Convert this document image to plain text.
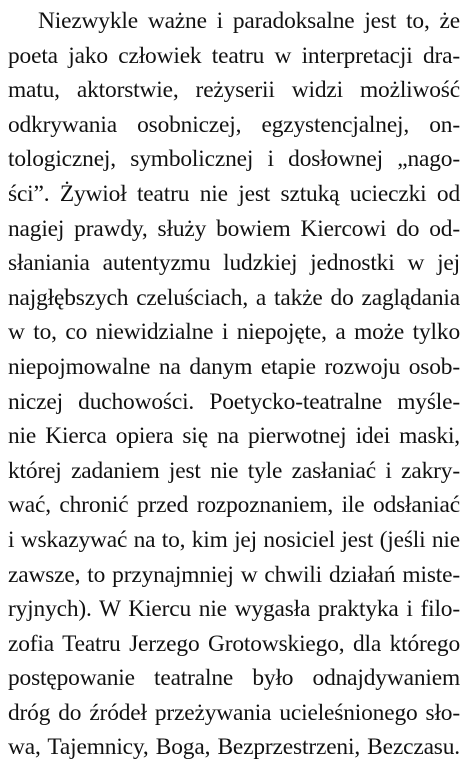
Niezwykle ważne i paradoksalne jest to, że
poeta jako człowiek teatru w interpretacji dra-
matu, aktorstwie, reżyserii widzi możliwość
odkrywania osobniczej, egzystencjalnej, on-
tologicznej, symbolicznej i dosłownej „nago-
ści”. Żywioł teatru nie jest sztuką ucieczki od
nagiej prawdy, służy bowiem Kiercowi do od-
słaniania autentyzmu ludzkiej jednostki w jej
najgłębszych czeluściach, a także do zaglądania
w to, co niewidzialne i niepojęte, a może tylko
niepojmowalne na danym etapie rozwoju osob-
niczej duchowości. Poetycko-teatralne myśle-
nie Kierca opiera się na pierwotnej idei maski,
której zadaniem jest nie tyle zasłaniać i zakry-
wać, chronić przed rozpoznaniem, ile odsłaniać
i wskazywać na to, kim jej nosiciel jest (jeśli nie
zawsze, to przynajmniej w chwili działań miste-
ryjnych). W Kiercu nie wygasła praktyka i filo-
zofia Teatru Jerzego Grotowskiego, dla którego
postępowanie teatralne było odnajdywaniem
dróg do źródeł przeżywania ucieleśnionego sło-
wa, Tajemnicy, Boga, Bezprzestrzeni, Bezczasu.
